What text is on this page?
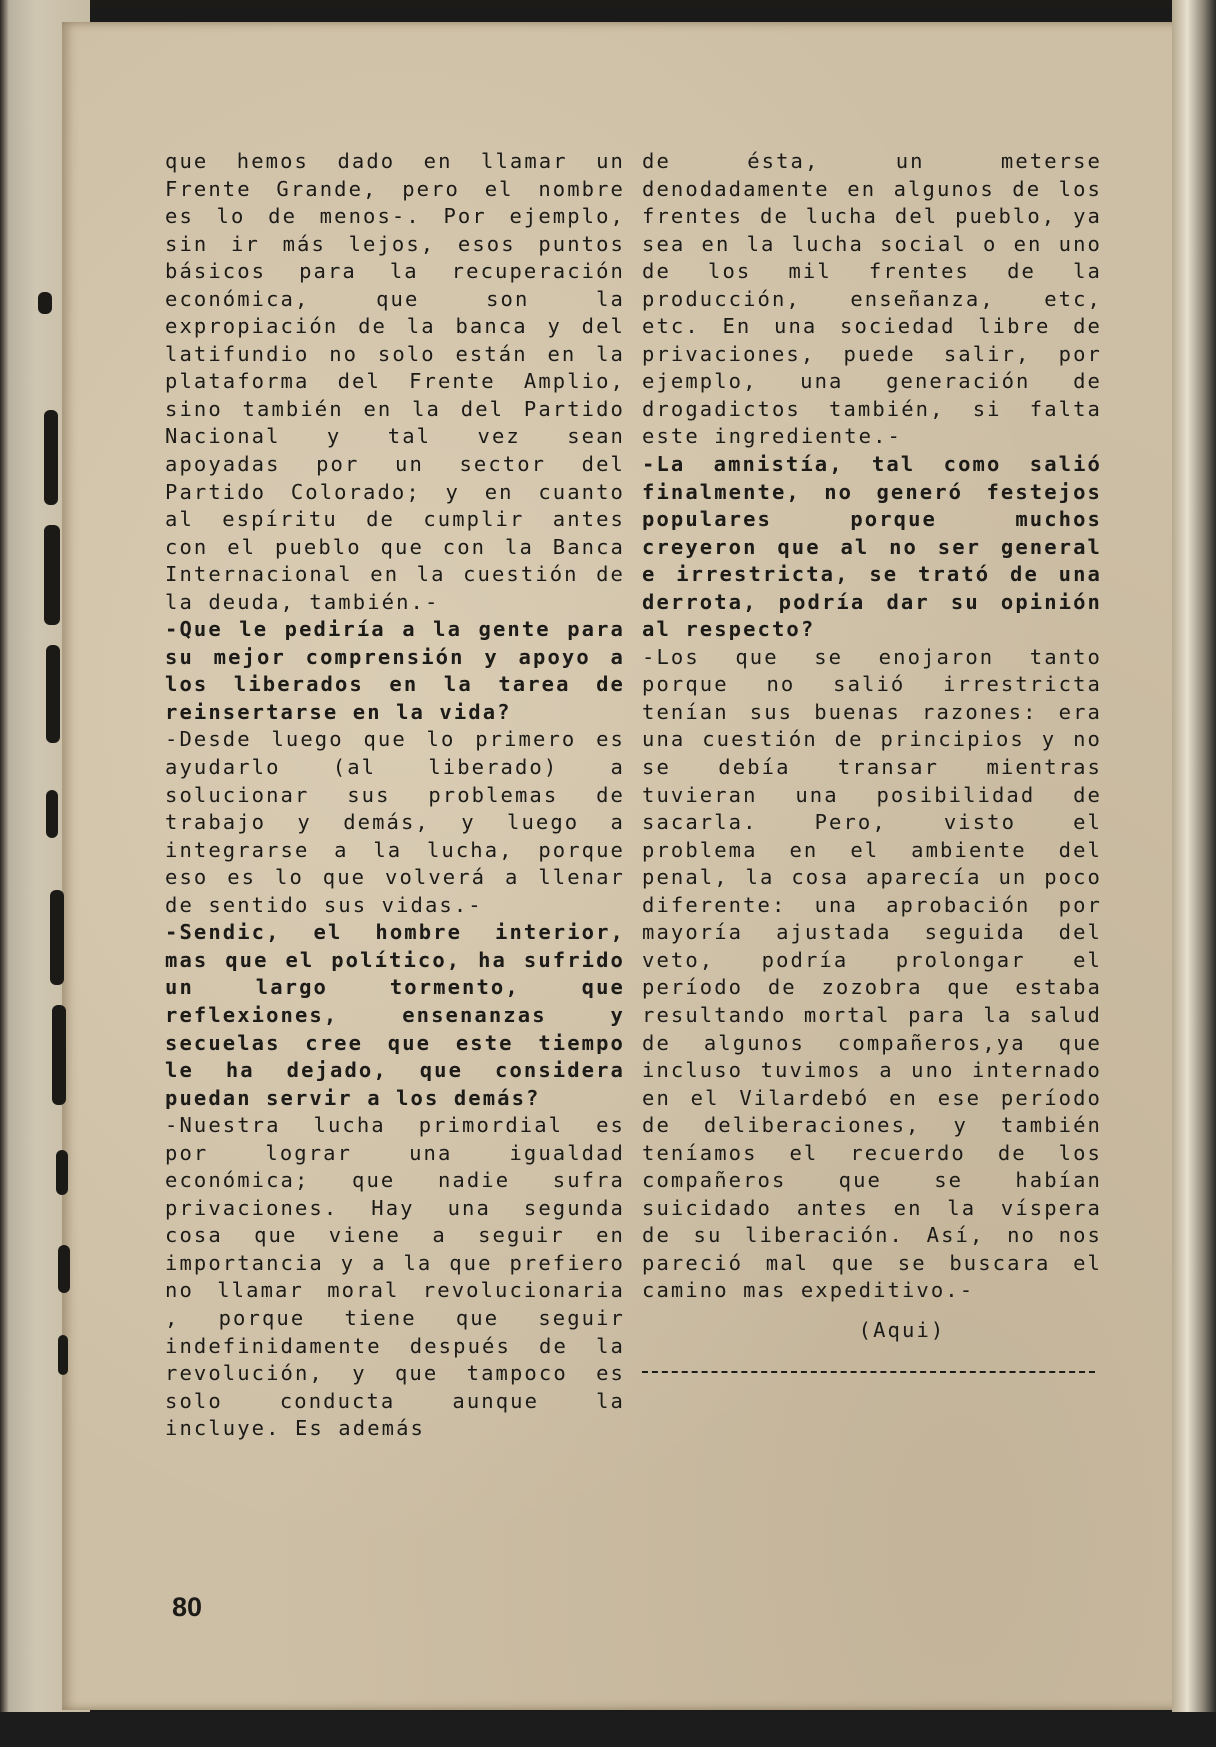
que hemos dado en llamar un Frente Grande, pero el nombre es lo de menos-. Por ejemplo, sin ir más lejos, esos puntos básicos para la recuperación económica, que son la expropiación de la banca y del latifundio no solo están en la plataforma del Frente Amplio, sino también en la del Partido Nacional y tal vez sean apoyadas por un sector del Partido Colorado; y en cuanto al espíritu de cumplir antes con el pueblo que con la Banca Internacional en la cuestión de la deuda, también.-

-Que le pediría a la gente para su mejor comprensión y apoyo a los liberados en la tarea de reinsertarse en la vida?

-Desde luego que lo primero es ayudarlo (al liberado) a solucionar sus problemas de trabajo y demás, y luego a integrarse a la lucha, porque eso es lo que volverá a llenar de sentido sus vidas.-

-Sendic, el hombre interior, mas que el político, ha sufrido un largo tormento, que reflexiones, ensenanzas y secuelas cree que este tiempo le ha dejado, que considera puedan servir a los demás?

-Nuestra lucha primordial es por lograr una igualdad económica; que nadie sufra privaciones. Hay una segunda cosa que viene a seguir en importancia y a la que prefiero no llamar moral revolucionaria , porque tiene que seguir indefinidamente después de la revolución, y que tampoco es solo conducta aunque la incluye. Es además

de ésta, un meterse denodadamente en algunos de los frentes de lucha del pueblo, ya sea en la lucha social o en uno de los mil frentes de la producción, enseñanza, etc, etc. En una sociedad libre de privaciones, puede salir, por ejemplo, una generación de drogadictos también, si falta este ingrediente.-

-La amnistía, tal como salió finalmente, no generó festejos populares porque muchos creyeron que al no ser general e irrestricta, se trató de una derrota, podría dar su opinión al respecto?

-Los que se enojaron tanto porque no salió irrestricta tenían sus buenas razones: era una cuestión de principios y no se debía transar mientras tuvieran una posibilidad de sacarla. Pero, visto el problema en el ambiente del penal, la cosa aparecía un poco diferente: una aprobación por mayoría ajustada seguida del veto, podría prolongar el período de zozobra que estaba resultando mortal para la salud de algunos compañeros,ya que incluso tuvimos a uno internado en el Vilardebó en ese período de deliberaciones, y también teníamos el recuerdo de los compañeros que se habían suicidado antes en la víspera de su liberación. Así, no nos pareció mal que se buscara el camino mas expeditivo.-

(Aqui)

80
